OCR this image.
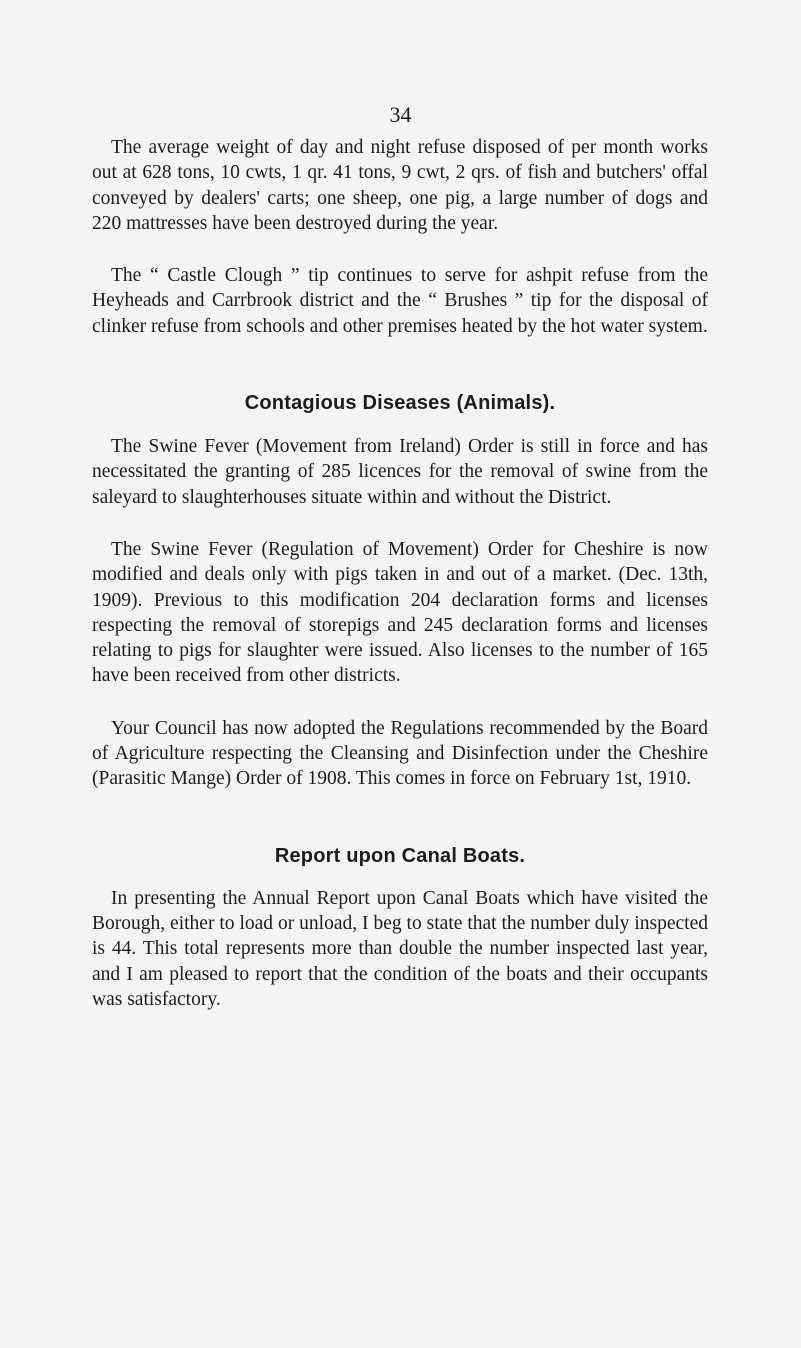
34

The average weight of day and night refuse disposed of per month works out at 628 tons, 10 cwts, 1 qr. 41 tons, 9 cwt, 2 qrs. of fish and butchers' offal conveyed by dealers' carts; one sheep, one pig, a large number of dogs and 220 mattresses have been destroyed during the year.

The “ Castle Clough ” tip continues to serve for ashpit refuse from the Heyheads and Carrbrook district and the “ Brushes ” tip for the disposal of clinker refuse from schools and other premises heated by the hot water system.

Contagious Diseases (Animals).

The Swine Fever (Movement from Ireland) Order is still in force and has necessitated the granting of 285 licences for the removal of swine from the saleyard to slaughterhouses situate within and without the District.

The Swine Fever (Regulation of Movement) Order for Cheshire is now modified and deals only with pigs taken in and out of a market. (Dec. 13th, 1909). Previous to this modification 204 declaration forms and licenses respecting the removal of storepigs and 245 declaration forms and licenses relating to pigs for slaughter were issued. Also licenses to the number of 165 have been received from other districts.

Your Council has now adopted the Regulations recommended by the Board of Agriculture respecting the Cleansing and Disinfection under the Cheshire (Parasitic Mange) Order of 1908. This comes in force on February 1st, 1910.

Report upon Canal Boats.

In presenting the Annual Report upon Canal Boats which have visited the Borough, either to load or unload, I beg to state that the number duly inspected is 44. This total represents more than double the number inspected last year, and I am pleased to report that the condition of the boats and their occupants was satisfactory.
